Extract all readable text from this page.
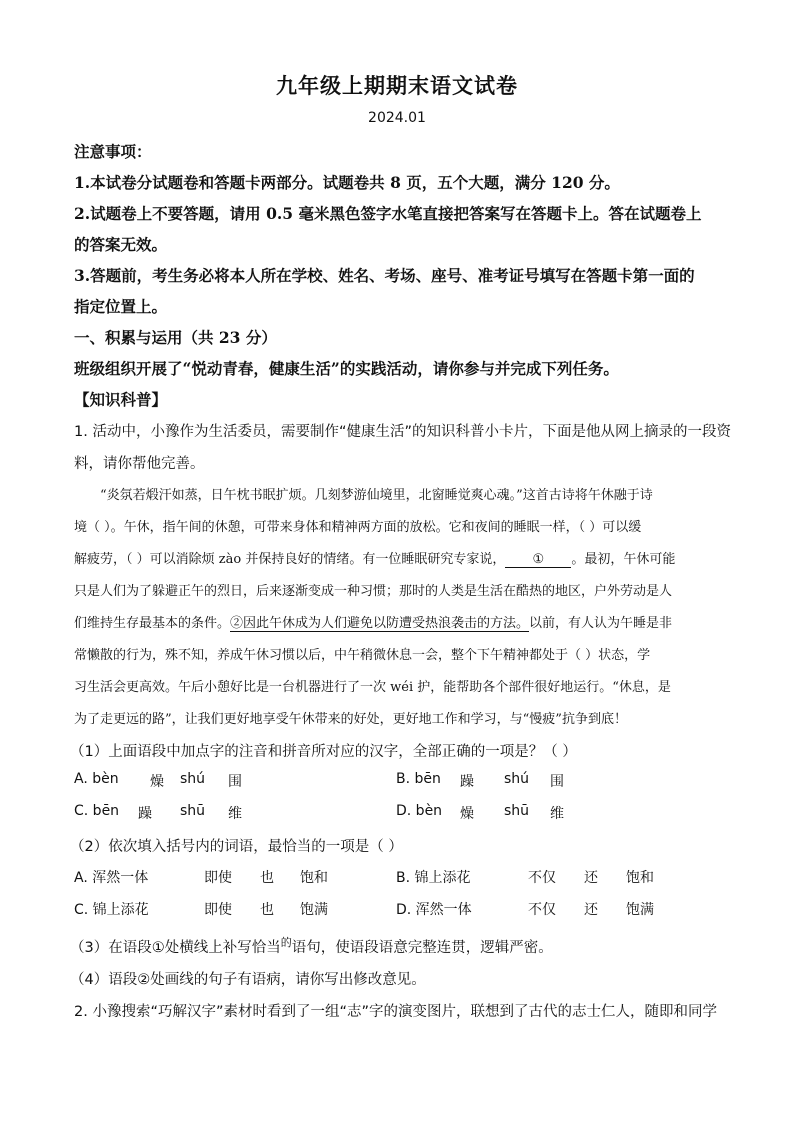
九年级上期期末语文试卷
2024.01
注意事项：
1.本试卷分试题卷和答题卡两部分。试题卷共 8 页，五个大题，满分 120 分。
2.试题卷上不要答题，请用 0.5 毫米黑色签字水笔直接把答案写在答题卡上。答在试题卷上
的答案无效。
3.答题前，考生务必将本人所在学校、姓名、考场、座号、准考证号填写在答题卡第一面的
指定位置上。
一、积累与运用（共 23 分）
班级组织开展了“悦动青春，健康生活”的实践活动，请你参与并完成下列任务。
【知识科普】
1. 活动中，小豫作为生活委员，需要制作“健康生活”的知识科普小卡片，下面是他从网上摘录的一段资
料，请你帮他完善。
“炎氛若煅汗如蒸，日午枕书眠扩烦。几刻梦游仙境里，北窗睡觉爽心魂。”这首古诗将午休融于诗
境（ ）。午休，指午间的休憩，可带来身体和精神两方面的放松。它和夜间的睡眠一样，（ ）可以缓
解疲劳，（ ）可以消除烦 zào 并保持良好的情绪。有一位睡眠研究专家说， ① 。最初，午休可能
只是人们为了躲避正午的烈日，后来逐渐变成一种习惯；那时的人类是生活在酷热的地区，户外劳动是人
们维持生存最基本的条件。②因此午休成为人们避免以防遭受热浪袭击的方法。以前，有人认为午睡是非
常懒散的行为，殊不知，养成午休习惯以后，中午稍微休息一会，整个下午精神都处于（ ）状态，学
习生活会更高效。午后小憩好比是一台机器进行了一次 wéi 护，能帮助各个部件很好地运行。“休息，是
为了走更远的路”，让我们更好地享受午休带来的好处，更好地工作和学习，与“慢疲”抗争到底！
（1）上面语段中加点字的注音和拼音所对应的汉字，全部正确的一项是？（ ）
A. bèn 燥 shú 围	B. bēn 躁 shú 围
C. bēn 躁 shū 维	D. bèn 燥 shū 维
（2）依次填入括号内的词语，最恰当的一项是（ ）
A. 浑然一体	即使 也 饱和	B. 锦上添花	不仅 还 饱和
C. 锦上添花	即使 也 饱满	D. 浑然一体	不仅 还 饱满
（3）在语段①处横线上补写恰当$^的$语句，使语段语意完整连贯，逻辑严密。
（4）语段②处画线的句子有语病，请你写出修改意见。
2. 小豫搜索“巧解汉字”素材时看到了一组“志”字的演变图片，联想到了古代的志士仁人，随即和同学
